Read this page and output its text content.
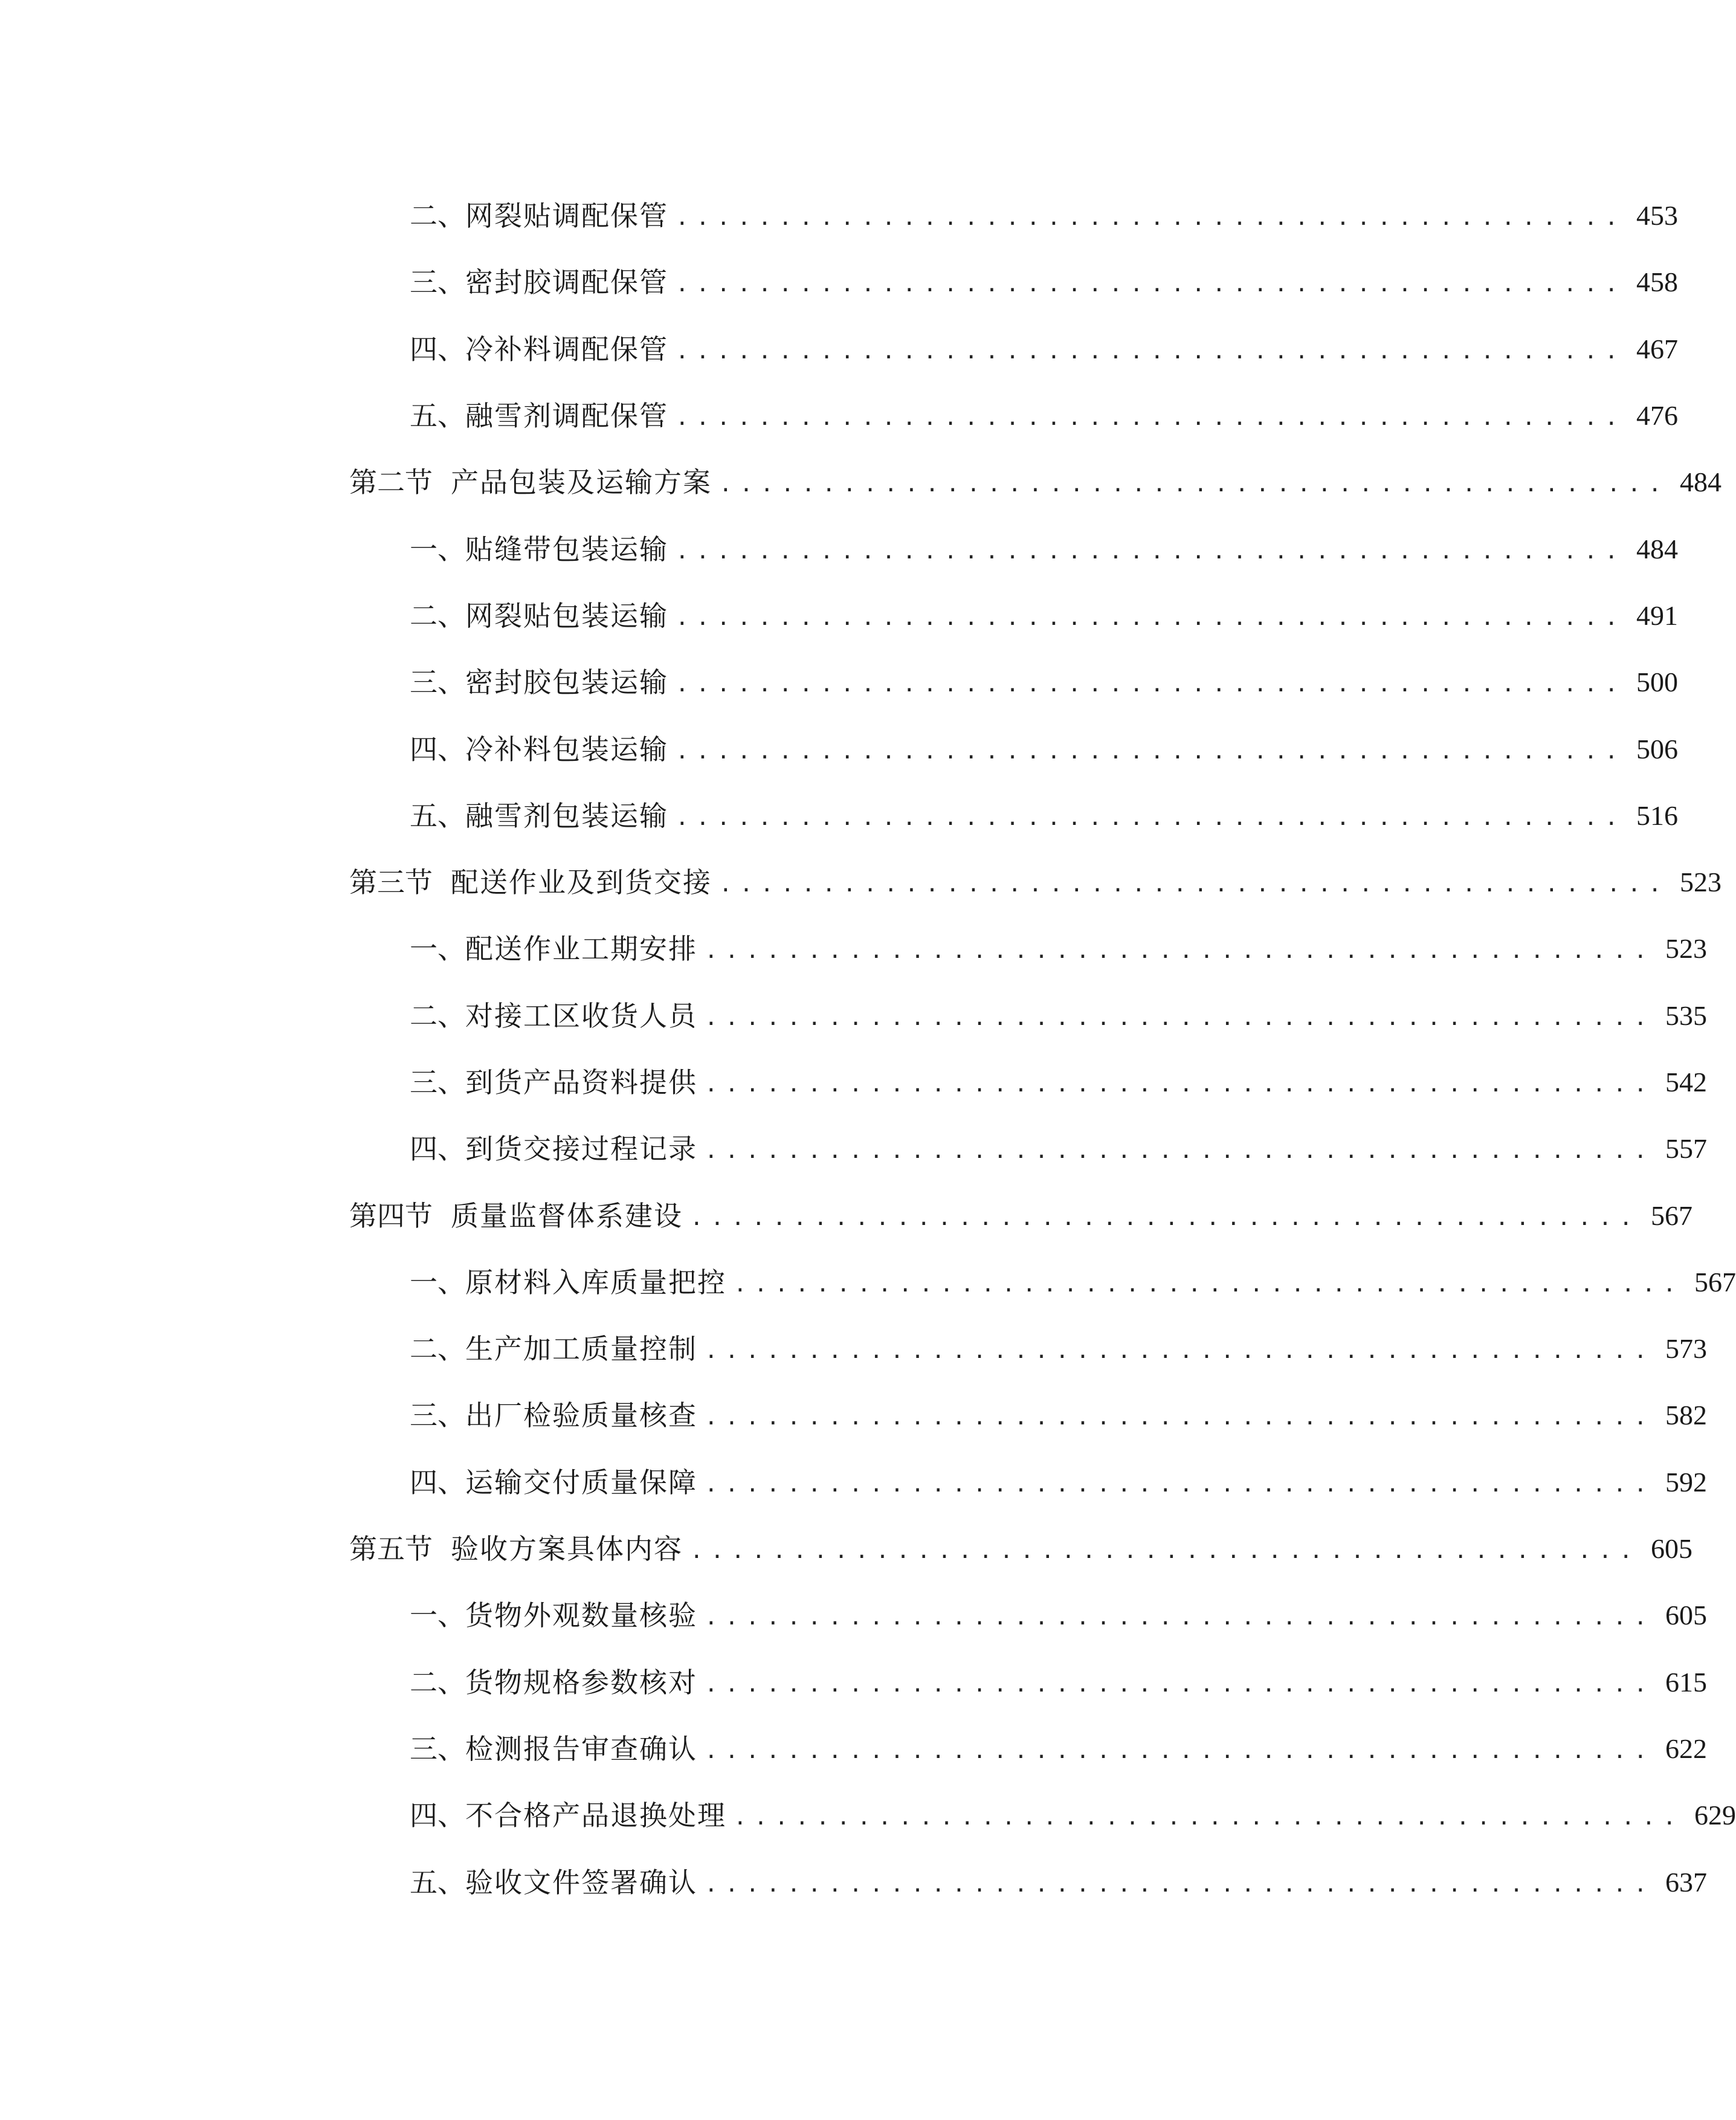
二、 网裂贴调配保管 .............................................. 453
三、 密封胶调配保管 .............................................. 458
四、 冷补料调配保管 .............................................. 467
五、 融雪剂调配保管 .............................................. 476
第二节 产品包装及运输方案 .............................................. 484
一、 贴缝带包装运输 .............................................. 484
二、 网裂贴包装运输 .............................................. 491
三、 密封胶包装运输 .............................................. 500
四、 冷补料包装运输 .............................................. 506
五、 融雪剂包装运输 .............................................. 516
第三节 配送作业及到货交接 .............................................. 523
一、 配送作业工期安排 .............................................. 523
二、 对接工区收货人员 .............................................. 535
三、 到货产品资料提供 .............................................. 542
四、 到货交接过程记录 .............................................. 557
第四节 质量监督体系建设 .............................................. 567
一、 原材料入库质量把控 .............................................. 567
二、 生产加工质量控制 .............................................. 573
三、 出厂检验质量核查 .............................................. 582
四、 运输交付质量保障 .............................................. 592
第五节 验收方案具体内容 .............................................. 605
一、 货物外观数量核验 .............................................. 605
二、 货物规格参数核对 .............................................. 615
三、 检测报告审查确认 .............................................. 622
四、 不合格产品退换处理 .............................................. 629
五、 验收文件签署确认 .............................................. 637
